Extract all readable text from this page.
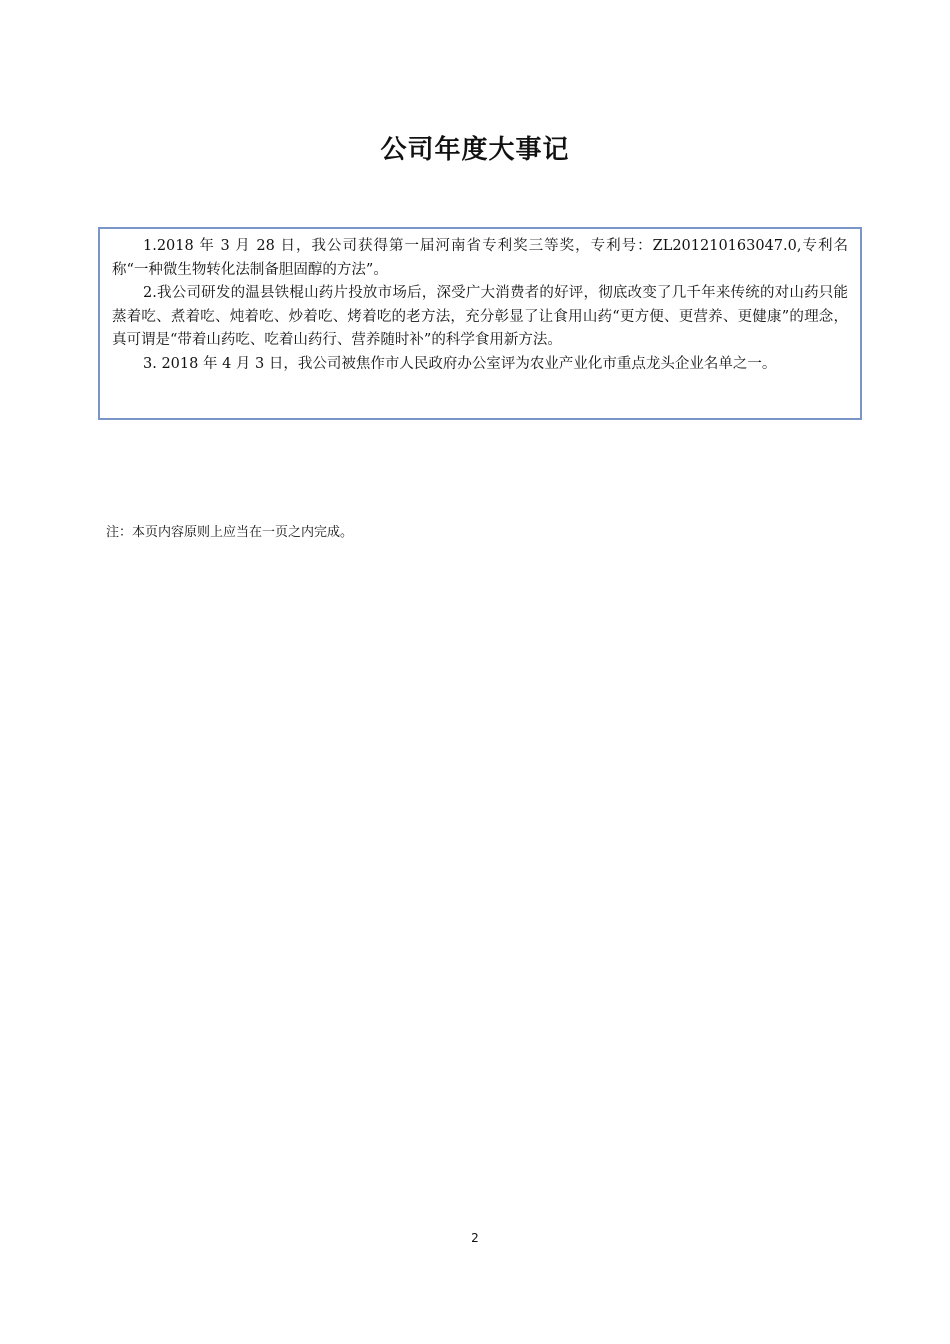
公司年度大事记

1.2018 年 3 月 28 日，我公司获得第一届河南省专利奖三等奖，专利号：ZL201210163047.0,专利名称“一种微生物转化法制备胆固醇的方法”。

2.我公司研发的温县铁棍山药片投放市场后，深受广大消费者的好评，彻底改变了几千年来传统的对山药只能蒸着吃、煮着吃、炖着吃、炒着吃、烤着吃的老方法，充分彰显了让食用山药“更方便、更营养、更健康”的理念，真可谓是“带着山药吃、吃着山药行、营养随时补”的科学食用新方法。

3. 2018 年 4 月 3 日，我公司被焦作市人民政府办公室评为农业产业化市重点龙头企业名单之一。

注：本页内容原则上应当在一页之内完成。

2
